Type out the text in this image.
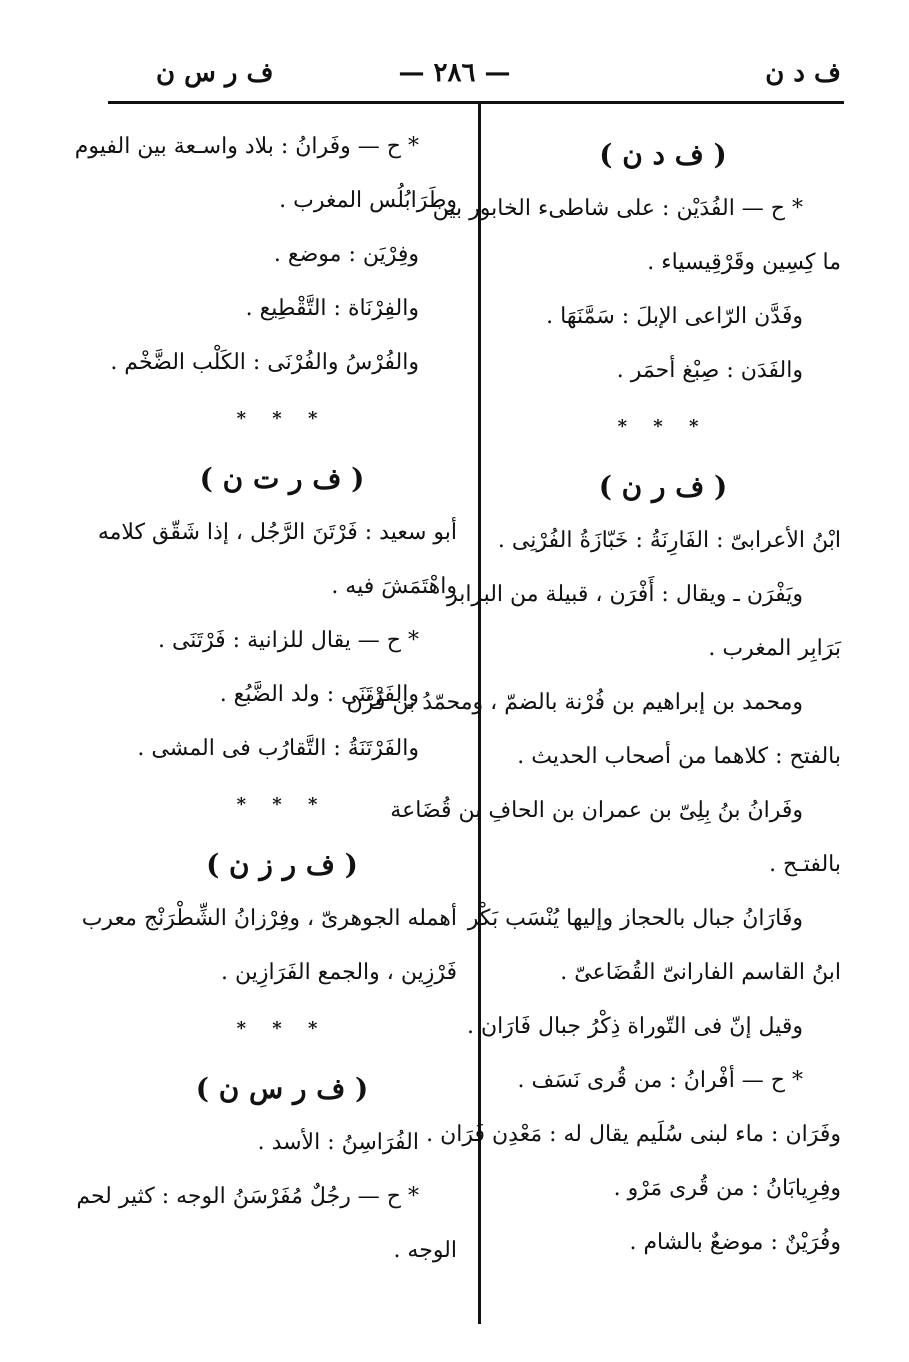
ف د ن
— ٢٨٦ —
ف ر س ن
( ف د ن )
* ح — الفُدَيْن : على شاطىء الخابور بين
ما كِسِين وقَرْقِيسياء .
وفَدَّن الرّاعى الإبلَ : سَمَّنَهَا .
والفَدَن : صِبْغ أحمَر .
* * *
( ف ر ن )
ابْنُ الأعرابىّ : الفَارِنَةُ : خَبّازَةُ الفُرْنِى .
ويَفْرَن ـ ويقال : أَفْرَن ، قبيلة من البرابر
بَرَابِر المغرب .
ومحمد بن إبراهيم بن فُرْنة بالضمّ ، ومحمّدُ بن فَرْن
بالفتح : كلاهما من أصحاب الحديث .
وفَرانُ بنُ بِلِىّ بن عمران بن الحافِ بن قُضَاعة
بالفتـح .
وفَارَانُ جبال بالحجاز وإليها يُنْسَب بَكْر
ابنُ القاسم الفارانىّ القُضَاعىّ .
وقيل إنّ فى التّوراة ذِكْرُ جبال فَارَان .
* ح — أفْرانُ : من قُرى نَسَف .
وفَرَان : ماء لبنى سُلَيم يقال له : مَعْدِن فَرَان .
وفِرِيابَانُ : من قُرى مَرْو .
وفُرَيْنٌ : موضعٌ بالشام .
* ح — وفَرانُ : بلاد واسـعة بين الفيوم
وطَرَابُلُس المغرب .
وفِرْيَن : موضع .
والفِرْنَاة : التَّقْطِيع .
والفُرْسُ والفُرْنَى : الكَلْب الضَّخْم .
* * *
( ف ر ت ن )
أبو سعيد : فَرْتَنَ الرَّجُل ، إذا شَقّق كلامه
واهْتَمَشَ فيه .
* ح — يقال للزانية : فَرْتَنَى .
والفَرْتَنَى : ولد الضَّبُع .
والفَرْتَنَةُ : التَّقارُب فى المشى .
* * *
( ف ر ز ن )
أهمله الجوهرىّ ، وفِرْزانُ الشِّطْرَنْج معرب
فَرْزِين ، والجمع الفَرَازِين .
* * *
( ف ر س ن )
الفُرَاسِنُ : الأسد .
* ح — رجُلٌ مُفَرْسَنُ الوجه : كثير لحم
الوجه .
